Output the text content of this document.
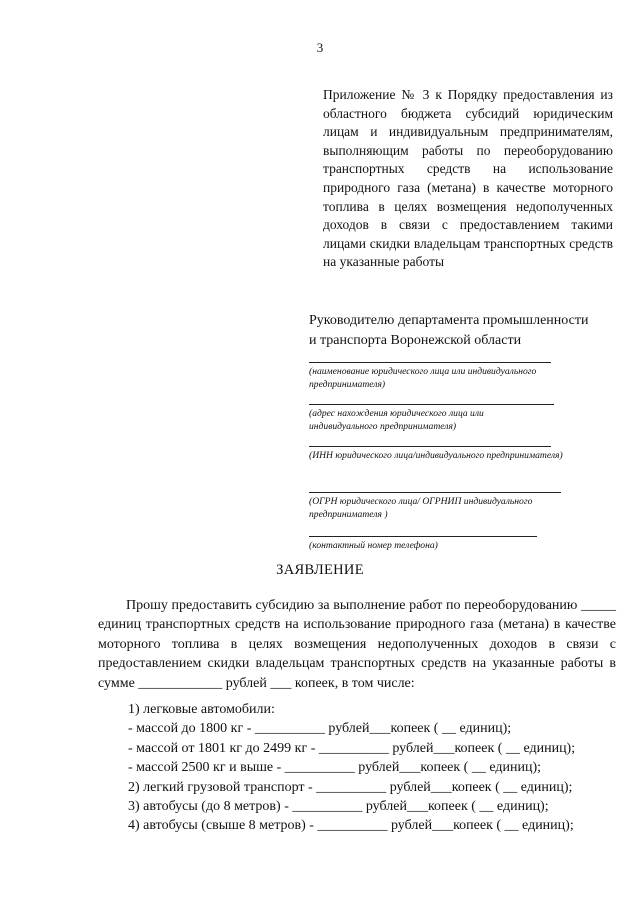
3
Приложение № 3 к Порядку предоставления из областного бюджета субсидий юридическим лицам и индивидуальным предпринимателям, выполняющим работы по переоборудованию транспортных средств на использование природного газа (метана) в качестве моторного топлива в целях возмещения недополученных доходов в связи с предоставлением такими лицами скидки владельцам транспортных средств на указанные работы
Руководителю департамента промышленности
и транспорта Воронежской области
(наименование юридического лица или индивидуального предпринимателя)
(адрес нахождения юридического лица или индивидуального предпринимателя)
(ИНН юридического лица/индивидуального предпринимателя)
(ОГРН юридического лица/ ОГРНИП индивидуального предпринимателя )
(контактный номер телефона)
ЗАЯВЛЕНИЕ

Прошу предоставить субсидию за выполнение работ по переоборудованию _____ единиц транспортных средств на использование природного газа (метана) в качестве моторного топлива в целях возмещения недополученных доходов в связи с предоставлением скидки владельцам транспортных средств на указанные работы в сумме ____________ рублей ___ копеек, в том числе:

1) легковые автомобили:
- массой до 1800 кг - __________ рублей___копеек ( __ единиц);
- массой от 1801 кг до 2499 кг - __________ рублей___копеек ( __ единиц);
- массой 2500 кг и выше - __________ рублей___копеек ( __ единиц);
2) легкий грузовой транспорт - __________ рублей___копеек ( __ единиц);
3) автобусы (до 8 метров) - __________ рублей___копеек ( __ единиц);
4) автобусы (свыше 8 метров) - __________ рублей___копеек ( __ единиц);
